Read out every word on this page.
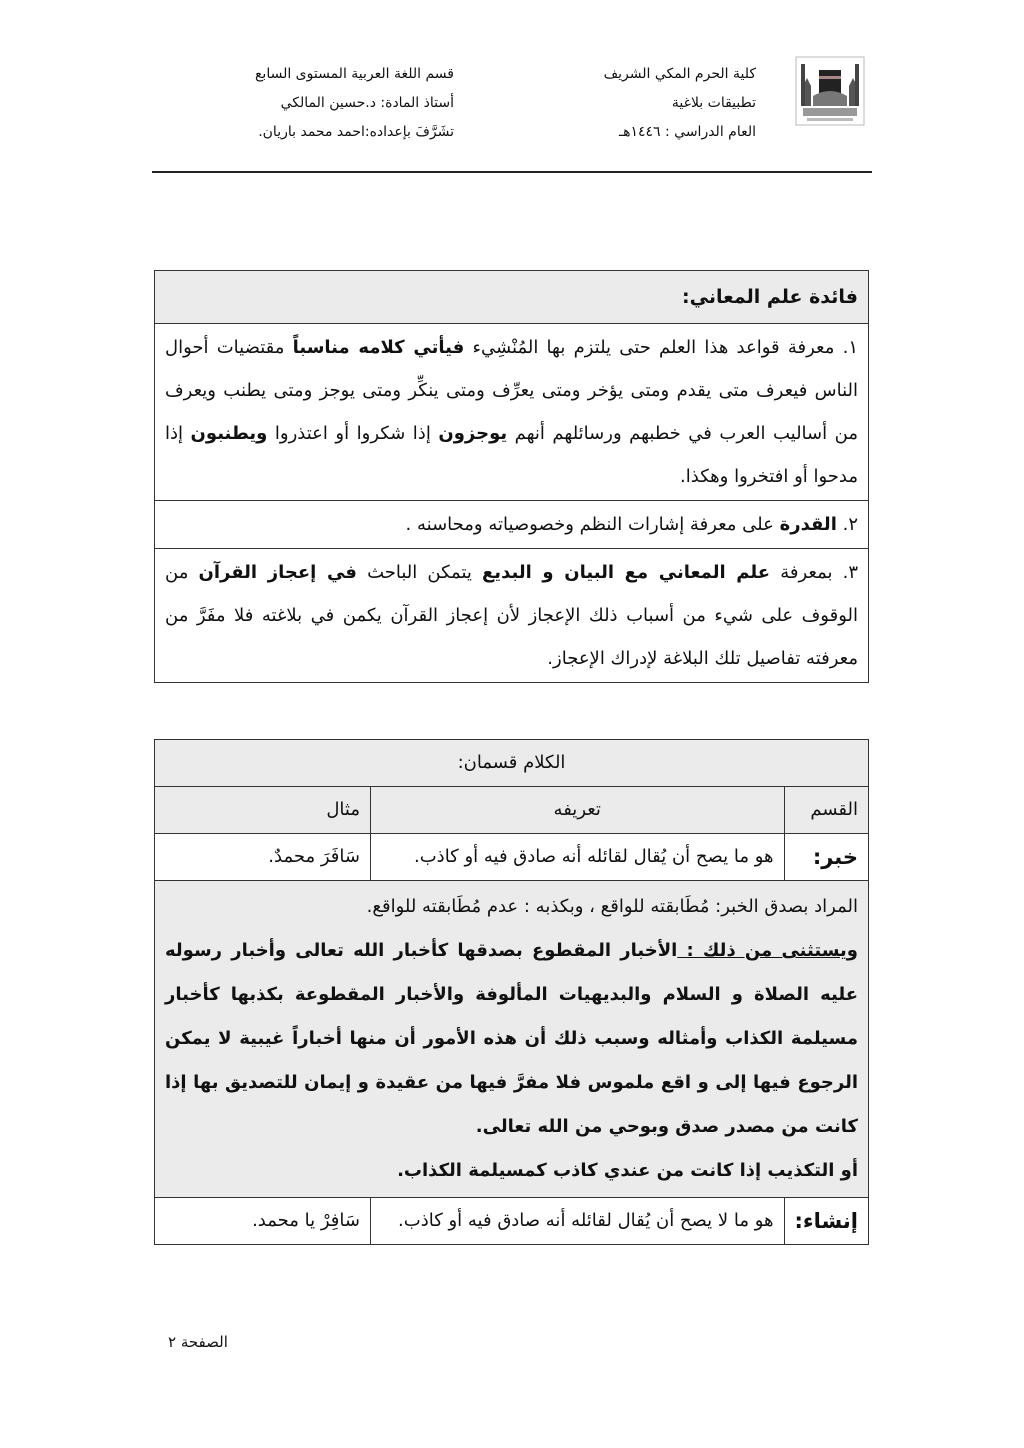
كلية الحرم المكي الشريف
تطبيقات بلاغية
العام الدراسي : ١٤٤٦هـ
قسم اللغة العربية المستوى السابع
أستاذ المادة: د.حسين المالكي
تشَرَّفَ بإعداده:احمد محمد باريان.
فائدة علم المعاني:
١. معرفة قواعد هذا العلم حتى يلتزم بها المُنْشِيء فيأتي كلامه مناسباً مقتضيات أحوال الناس فيعرف متى يقدم ومتى يؤخر ومتى يعرِّف ومتى ينكِّر ومتى يوجز ومتى يطنب ويعرف من أساليب العرب في خطبهم ورسائلهم أنهم يوجزون إذا شكروا أو اعتذروا ويطنبون إذا مدحوا أو افتخروا وهكذا.
٢. القدرة على معرفة إشارات النظم وخصوصياته ومحاسنه .
٣. بمعرفة علم المعاني مع البيان و البديع يتمكن الباحث في إعجاز القرآن من الوقوف على شيء من أسباب ذلك الإعجاز لأن إعجاز القرآن يكمن في بلاغته فلا مفَرَّ من معرفته تفاصيل تلك البلاغة لإدراك الإعجاز.
الكلام قسمان:		
القسم	تعريفه	مثال
خبر:	هو ما يصح أن يُقال لقائله أنه صادق فيه أو كاذب.	سَافَرَ محمدٌ.

المراد بصدق الخبر: مُطَابقته للواقع ، وبكذبه : عدم مُطَابقته للواقع.
ويستثنى من ذلك : الأخبار المقطوع بصدقها كأخبار الله تعالى وأخبار رسوله عليه الصلاة و السلام والبديهيات المألوفة والأخبار المقطوعة بكذبها كأخبار مسيلمة الكذاب وأمثاله وسبب ذلك أن هذه الأمور أن منها أخباراً غيبية لا يمكن الرجوع فيها إلى و اقع ملموس فلا مفرَّ فيها من عقيدة و إيمان للتصديق بها إذا كانت من مصدر صدق وبوحي من الله تعالى.
أو التكذيب إذا كانت من عندي كاذب كمسيلمة الكذاب.		

إنشاء:	هو ما لا يصح أن يُقال لقائله أنه صادق فيه أو كاذب.	سَافِرْ يا محمد.
الصفحة ٢
